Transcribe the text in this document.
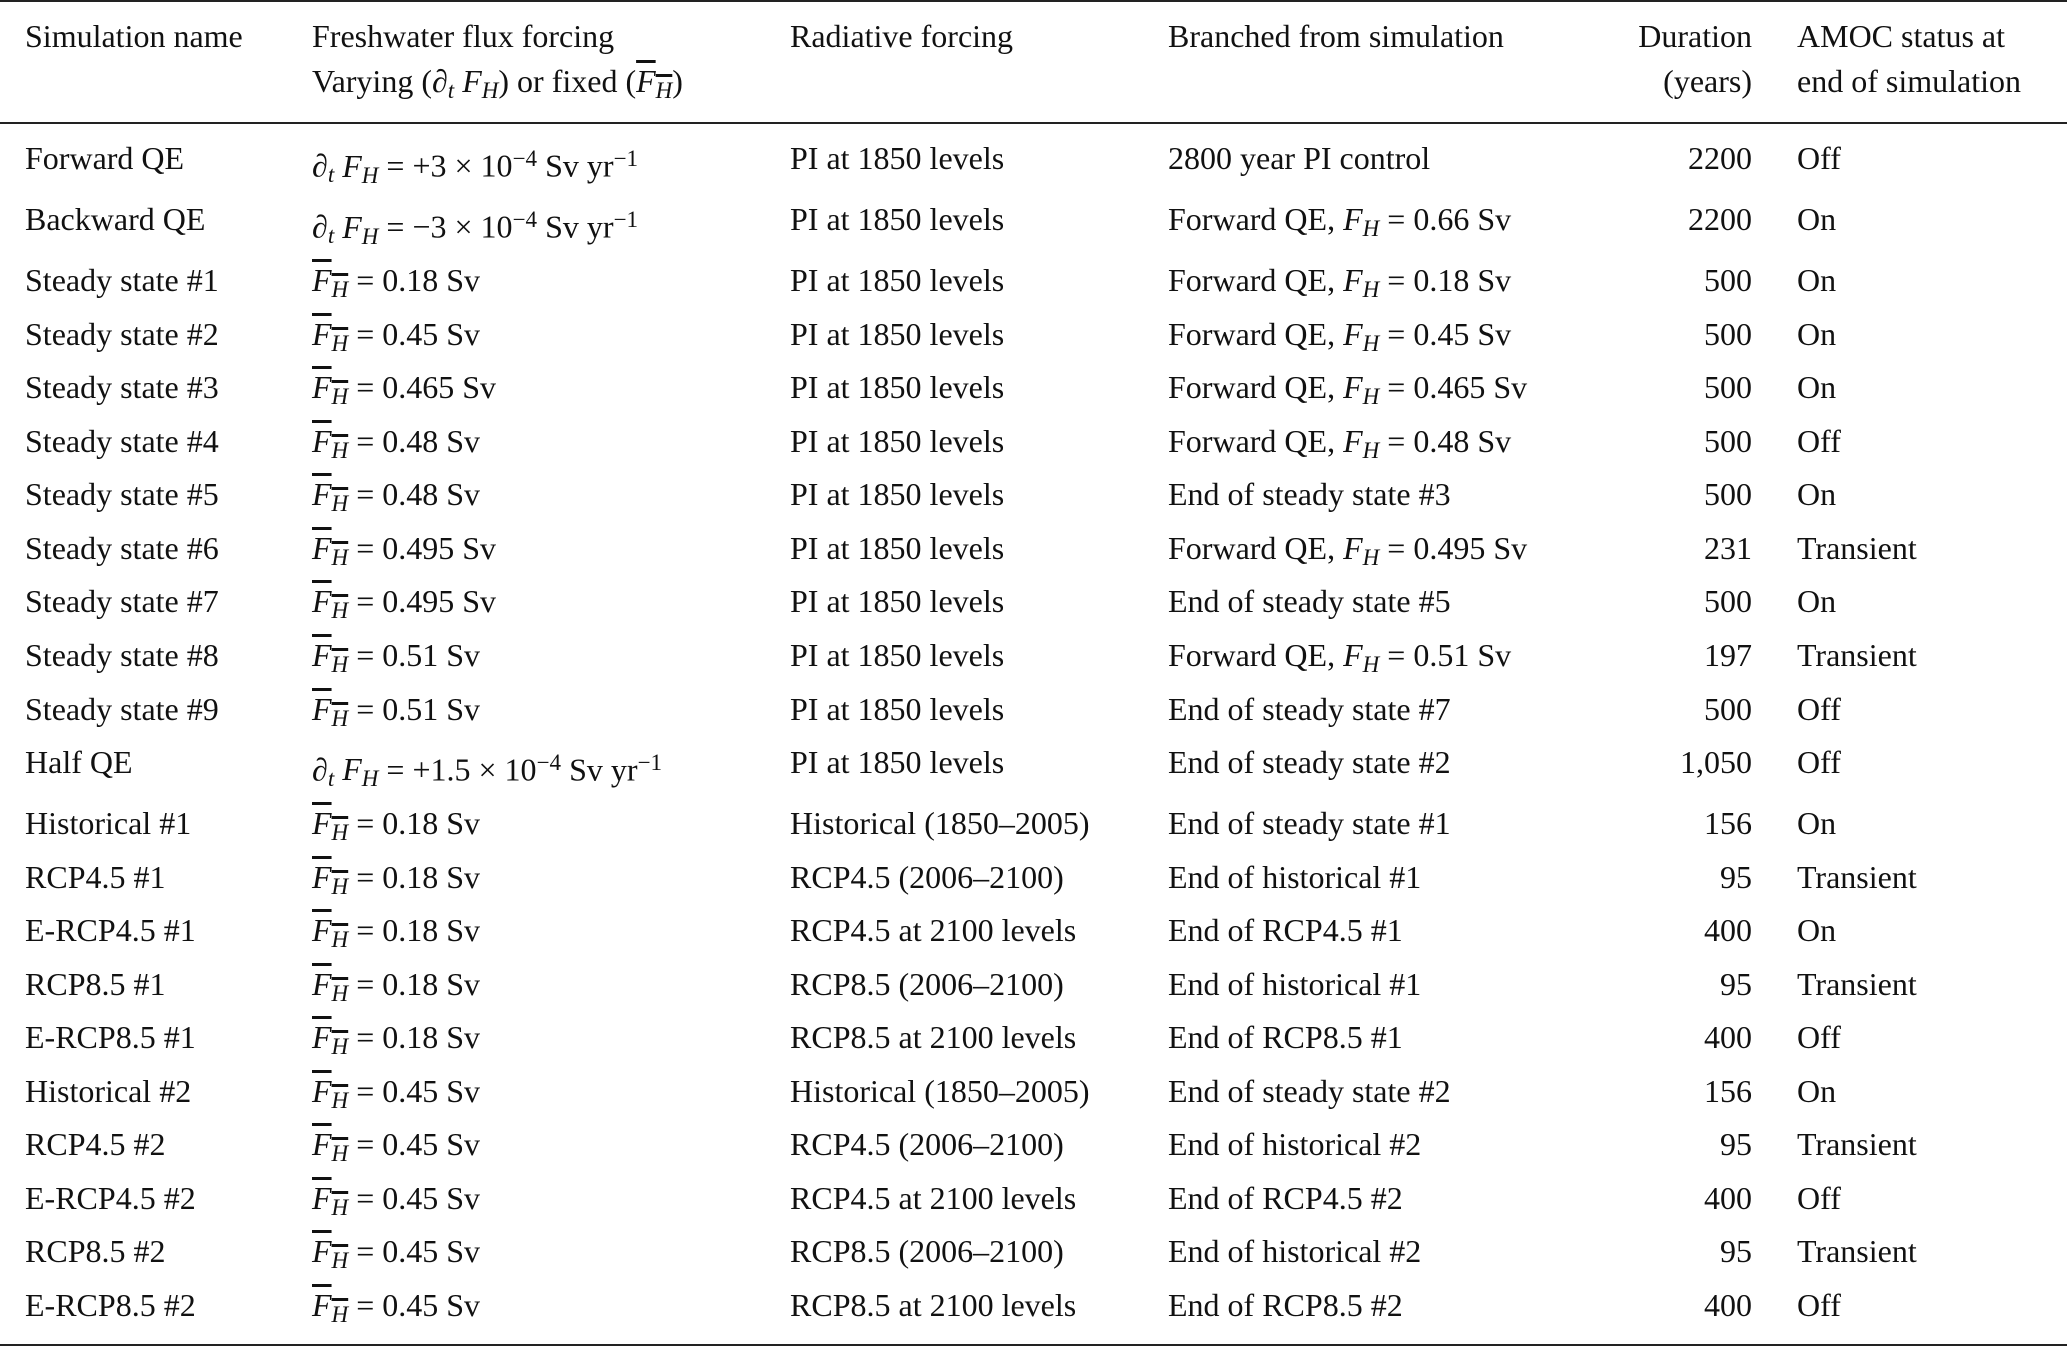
Simulation name	Freshwater flux forcing	Radiative forcing	Branched from simulation	Duration	AMOC status at
	Varying ($\partial_t$ $F_H$) or fixed $(F_H)$			(years)	end of simulation
Forward QE	$\partial_t$ $F_H = +3 \times 10^{-4}$ Sv $yr^{-1}$	PI at 1850 levels	2800 year PI control	2200	Off
Backward QE	$\partial_t$ $F_H = -3 \times 10^{-4}$ Sv $yr^{-1}$	PI at 1850 levels	Forward QE, $F_H = 0.66$ Sv	2200	On
Steady state #1	$F_H = 0.18$ Sv	PI at 1850 levels	Forward QE, $F_H = 0.18$ Sv	500	On
Steady state #2	$F_H = 0.45$ Sv	PI at 1850 levels	Forward QE, $F_H = 0.45$ Sv	500	On
Steady state #3	$F_H = 0.465$ Sv	PI at 1850 levels	Forward QE, $F_H = 0.465$ Sv	500	On
Steady state #4	$F_H = 0.48$ Sv	PI at 1850 levels	Forward QE, $F_H = 0.48$ Sv	500	Off
Steady state #5	$F_H = 0.48$ Sv	PI at 1850 levels	End of steady state #3	500	On
Steady state #6	$F_H = 0.495$ Sv	PI at 1850 levels	Forward QE, $F_H = 0.495$ Sv	231	Transient
Steady state #7	$F_H = 0.495$ Sv	PI at 1850 levels	End of steady state #5	500	On
Steady state #8	$F_H = 0.51$ Sv	PI at 1850 levels	Forward QE, $F_H = 0.51$ Sv	197	Transient
Steady state #9	$F_H = 0.51$ Sv	PI at 1850 levels	End of steady state #7	500	Off
Half QE	$\partial_t$ $F_H = +1.5 \times 10^{-4}$ Sv $yr^{-1}$	PI at 1850 levels	End of steady state #2	1,050	Off
Historical #1	$F_H = 0.18$ Sv	Historical (1850–2005)	End of steady state #1	156	On
RCP4.5 #1	$F_H = 0.18$ Sv	RCP4.5 (2006–2100)	End of historical #1	95	Transient
E-RCP4.5 #1	$F_H = 0.18$ Sv	RCP4.5 at 2100 levels	End of RCP4.5 #1	400	On
RCP8.5 #1	$F_H = 0.18$ Sv	RCP8.5 (2006–2100)	End of historical #1	95	Transient
E-RCP8.5 #1	$F_H = 0.18$ Sv	RCP8.5 at 2100 levels	End of RCP8.5 #1	400	Off
Historical #2	$F_H = 0.45$ Sv	Historical (1850–2005)	End of steady state #2	156	On
RCP4.5 #2	$F_H = 0.45$ Sv	RCP4.5 (2006–2100)	End of historical #2	95	Transient
E-RCP4.5 #2	$F_H = 0.45$ Sv	RCP4.5 at 2100 levels	End of RCP4.5 #2	400	Off
RCP8.5 #2	$F_H = 0.45$ Sv	RCP8.5 (2006–2100)	End of historical #2	95	Transient
E-RCP8.5 #2	$F_H = 0.45$ Sv	RCP8.5 at 2100 levels	End of RCP8.5 #2	400	Off
